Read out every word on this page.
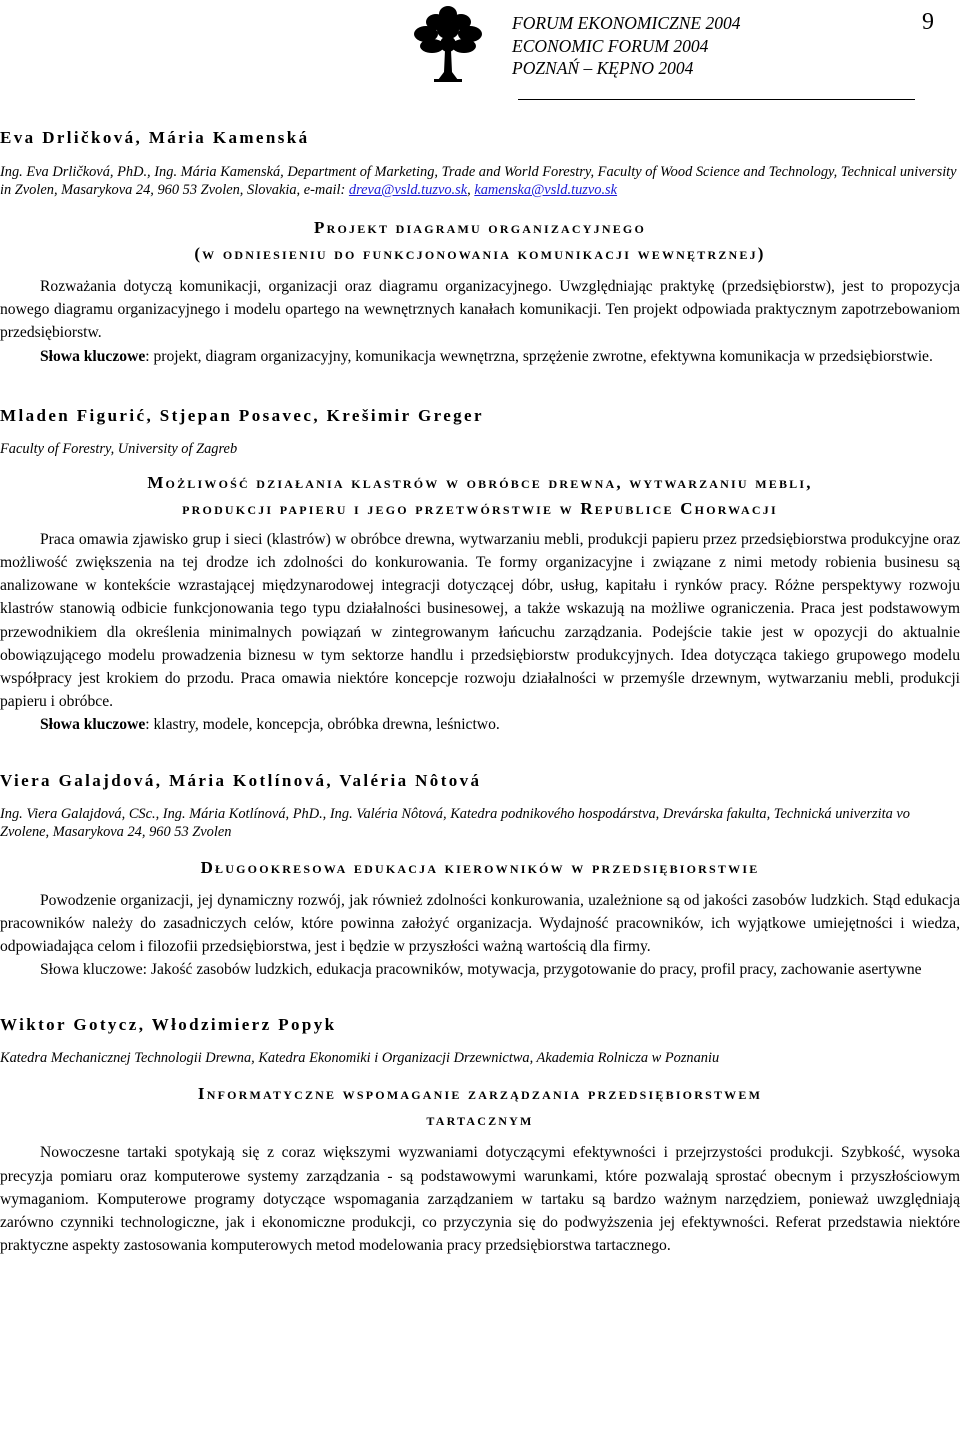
FORUM EKONOMICZNE 2004
ECONOMIC FORUM 2004
POZNAŃ – KĘPNO 2004
9

Eva Drličková, Mária Kamenská

Ing. Eva Drličková, PhD., Ing. Mária Kamenská, Department of Marketing, Trade and World Forestry, Faculty of Wood Science and Technology, Technical university in Zvolen, Masarykova 24, 960 53 Zvolen, Slovakia, e-mail: dreva@vsld.tuzvo.sk, kamenska@vsld.tuzvo.sk

Projekt diagramu organizacyjnego

(w odniesieniu do funkcjonowania komunikacji wewnętrznej)

Rozważania dotyczą komunikacji, organizacji oraz diagramu organizacyjnego. Uwzględniając praktykę (przedsiębiorstw), jest to propozycja nowego diagramu organizacyjnego i modelu opartego na wewnętrznych kanałach komunikacji. Ten projekt odpowiada praktycznym zapotrzebowaniom przedsiębiorstw.

Słowa kluczowe: projekt, diagram organizacyjny, komunikacja wewnętrzna, sprzężenie zwrotne, efektywna komunikacja w przedsiębiorstwie.

Mladen Figurić, Stjepan Posavec, Krešimir Greger

Faculty of Forestry, University of Zagreb

Możliwość działania klastrów w obróbce drewna, wytwarzaniu mebli,

produkcji papieru i jego przetwórstwie w Republice Chorwacji

Praca omawia zjawisko grup i sieci (klastrów) w obróbce drewna, wytwarzaniu mebli, produkcji papieru przez przedsiębiorstwa produkcyjne oraz możliwość zwiększenia na tej drodze ich zdolności do konkurowania. Te formy organizacyjne i związane z nimi metody robienia businesu są analizowane w kontekście wzrastającej międzynarodowej integracji dotyczącej dóbr, usług, kapitału i rynków pracy. Różne perspektywy rozwoju klastrów stanowią odbicie funkcjonowania tego typu działalności businesowej, a także wskazują na możliwe ograniczenia. Praca jest podstawowym przewodnikiem dla określenia minimalnych powiązań w zintegrowanym łańcuchu zarządzania. Podejście takie jest w opozycji do aktualnie obowiązującego modelu prowadzenia biznesu w tym sektorze handlu i przedsiębiorstw produkcyjnych. Idea dotycząca takiego grupowego modelu współpracy jest krokiem do przodu. Praca omawia niektóre koncepcje rozwoju działalności w przemyśle drzewnym, wytwarzaniu mebli, produkcji papieru i obróbce.

Słowa kluczowe: klastry, modele, koncepcja, obróbka drewna, leśnictwo.

Viera Galajdová, Mária Kotlínová, Valéria Nôtová

Ing. Viera Galajdová, CSc., Ing. Mária Kotlínová, PhD., Ing. Valéria Nôtová, Katedra podnikového hospodárstva, Drevárska fakulta, Technická univerzita vo Zvolene, Masarykova 24, 960 53 Zvolen

Długookresowa edukacja kierowników w przedsiębiorstwie

Powodzenie organizacji, jej dynamiczny rozwój, jak również zdolności konkurowania, uzależnione są od jakości zasobów ludzkich. Stąd edukacja pracowników należy do zasadniczych celów, które powinna założyć organizacja. Wydajność pracowników, ich wyjątkowe umiejętności i wiedza, odpowiadająca celom i filozofii przedsiębiorstwa, jest i będzie w przyszłości ważną wartością dla firmy.

Słowa kluczowe: Jakość zasobów ludzkich, edukacja pracowników, motywacja, przygotowanie do pracy, profil pracy, zachowanie asertywne

Wiktor Gotycz, Włodzimierz Popyk

Katedra Mechanicznej Technologii Drewna, Katedra Ekonomiki i Organizacji Drzewnictwa, Akademia Rolnicza w Poznaniu

Informatyczne wspomaganie zarządzania przedsiębiorstwem

tartacznym

Nowoczesne tartaki spotykają się z coraz większymi wyzwaniami dotyczącymi efektywności i przejrzystości produkcji. Szybkość, wysoka precyzja pomiaru oraz komputerowe systemy zarządzania - są podstawowymi warunkami, które pozwalają sprostać obecnym i przyszłościowym wymaganiom. Komputerowe programy dotyczące wspomagania zarządzaniem w tartaku są bardzo ważnym narzędziem, ponieważ uwzględniają zarówno czynniki technologiczne, jak i ekonomiczne produkcji, co przyczynia się do podwyższenia jej efektywności. Referat przedstawia niektóre praktyczne aspekty zastosowania komputerowych metod modelowania pracy przedsiębiorstwa tartacznego.
